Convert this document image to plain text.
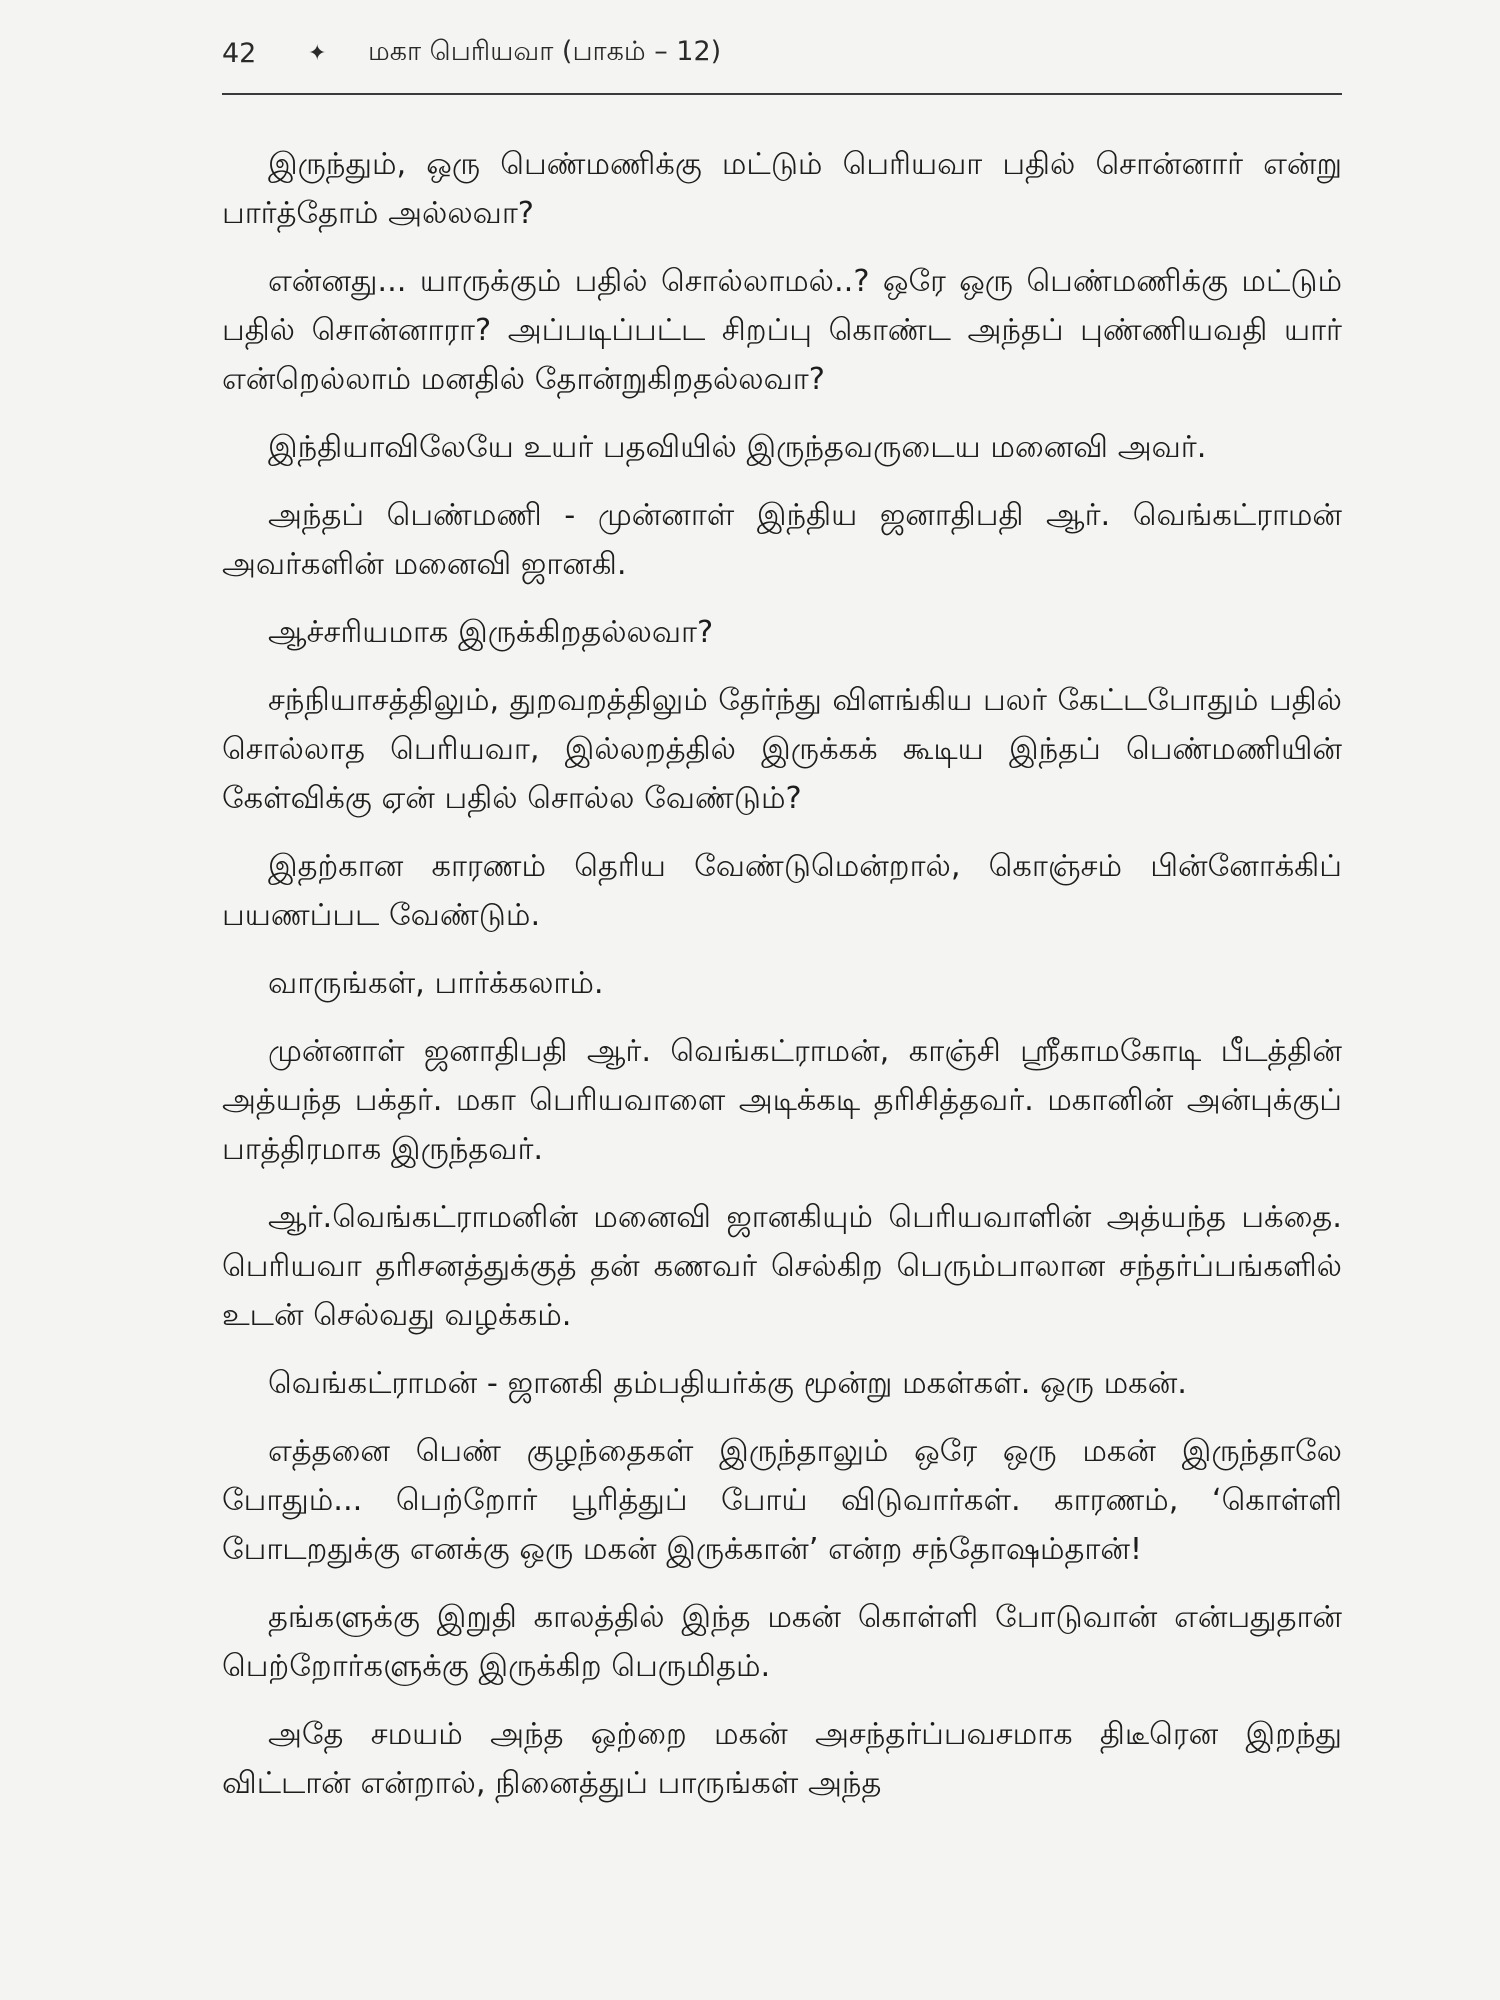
42	✦	மகா பெரியவா (பாகம் – 12)

இருந்தும், ஒரு பெண்மணிக்கு மட்டும் பெரியவா பதில் சொன்னார் என்று பார்த்தோம் அல்லவா?

என்னது... யாருக்கும் பதில் சொல்லாமல்..? ஒரே ஒரு பெண்மணிக்கு மட்டும் பதில் சொன்னாரா? அப்படிப்பட்ட சிறப்பு கொண்ட அந்தப் புண்ணியவதி யார் என்றெல்லாம் மனதில் தோன்றுகிறதல்லவா?

இந்தியாவிலேயே உயர் பதவியில் இருந்தவருடைய மனைவி அவர்.

அந்தப் பெண்மணி - முன்னாள் இந்திய ஜனாதிபதி ஆர். வெங்கட்ராமன் அவர்களின் மனைவி ஜானகி.

ஆச்சரியமாக இருக்கிறதல்லவா?

சந்நியாசத்திலும், துறவறத்திலும் தேர்ந்து விளங்கிய பலர் கேட்டபோதும் பதில் சொல்லாத பெரியவா, இல்லறத்தில் இருக்கக் கூடிய இந்தப் பெண்மணியின் கேள்விக்கு ஏன் பதில் சொல்ல வேண்டும்?

இதற்கான காரணம் தெரிய வேண்டுமென்றால், கொஞ்சம் பின்னோக்கிப் பயணப்பட வேண்டும்.

வாருங்கள், பார்க்கலாம்.

முன்னாள் ஜனாதிபதி ஆர். வெங்கட்ராமன், காஞ்சி ஸ்ரீகாமகோடி பீடத்தின் அத்யந்த பக்தர். மகா பெரியவாளை அடிக்கடி தரிசித்தவர். மகானின் அன்புக்குப் பாத்திரமாக இருந்தவர்.

ஆர்.வெங்கட்ராமனின் மனைவி ஜானகியும் பெரியவாளின் அத்யந்த பக்தை. பெரியவா தரிசனத்துக்குத் தன் கணவர் செல்கிற பெரும்பாலான சந்தர்ப்பங்களில் உடன் செல்வது வழக்கம்.

வெங்கட்ராமன் - ஜானகி தம்பதியர்க்கு மூன்று மகள்கள். ஒரு மகன்.

எத்தனை பெண் குழந்தைகள் இருந்தாலும் ஒரே ஒரு மகன் இருந்தாலே போதும்... பெற்றோர் பூரித்துப் போய் விடுவார்கள். காரணம், ‘கொள்ளி போடறதுக்கு எனக்கு ஒரு மகன் இருக்கான்’ என்ற சந்தோஷம்தான்!

தங்களுக்கு இறுதி காலத்தில் இந்த மகன் கொள்ளி போடுவான் என்பதுதான் பெற்றோர்களுக்கு இருக்கிற பெருமிதம்.

அதே சமயம் அந்த ஒற்றை மகன் அசந்தர்ப்பவசமாக திடீரென இறந்து விட்டான் என்றால், நினைத்துப் பாருங்கள் அந்த
